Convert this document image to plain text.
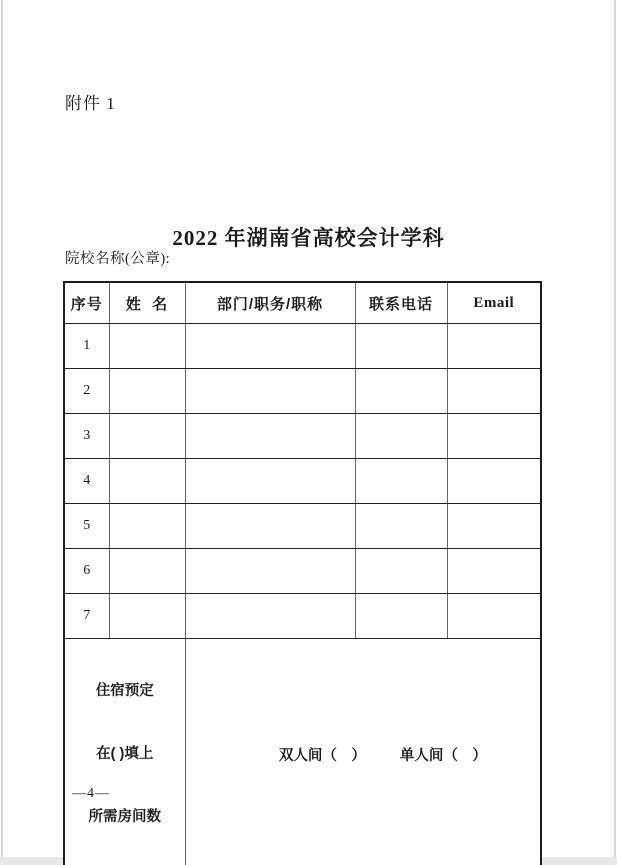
附件 1

2022 年湖南省高校会计学科

院校名称(公章):
序号	姓  名	部门/职务/职称	联系电话	Email
1				
2				
3				
4				
5				
6				
7				

住宿预定

在( )填上

所需房间数		双人间（　） 单人间（　）		

—4—
